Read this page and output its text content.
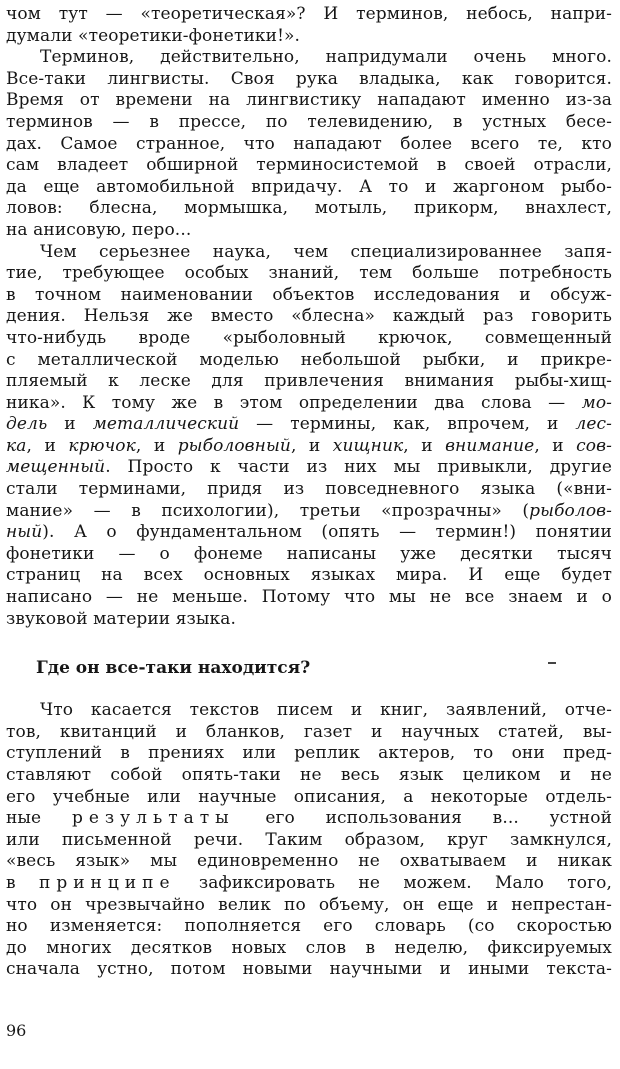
чом тут — «теоретическая»? И терминов, небось, напри-
думали «теоретики-фонетики!».
Терминов, действительно, напридумали очень много.
Все-таки лингвисты. Своя рука владыка, как говорится.
Время от времени на лингвистику нападают именно из-за
терминов — в прессе, по телевидению, в устных бесе-
дах. Самое странное, что нападают более всего те, кто
сам владеет обширной терминосистемой в своей отрасли,
да еще автомобильной впридачу. А то и жаргоном рыбо-
ловов: блесна, мормышка, мотыль, прикорм, внахлест,
на анисовую, перо...
Чем серьезнее наука, чем специализированнее запя-
тие, требующее особых знаний, тем больше потребность
в точном наименовании объектов исследования и обсуж-
дения. Нельзя же вместо «блесна» каждый раз говорить
что-нибудь вроде «рыболовный крючок, совмещенный
с металлической моделью небольшой рыбки, и прикре-
пляемый к леске для привлечения внимания рыбы-хищ-
ника». К тому же в этом определении два слова — мо-
дель и металлический — термины, как, впрочем, и лес-
ка, и крючок, и рыболовный, и хищник, и внимание, и сов-
мещенный. Просто к части из них мы привыкли, другие
стали терминами, придя из повседневного языка («вни-
мание» — в психологии), третьи «прозрачны» (рыболов-
ный). А о фундаментальном (опять — термин!) понятии
фонетики — о фонеме написаны уже десятки тысяч
страниц на всех основных языках мира. И еще будет
написано — не меньше. Потому что мы не все знаем и о
звуковой материи языка.
Где он все-таки находится?
Что касается текстов писем и книг, заявлений, отче-
тов, квитанций и бланков, газет и научных статей, вы-
ступлений в прениях или реплик актеров, то они пред-
ставляют собой опять-таки не весь язык целиком и не
его учебные или научные описания, а некоторые отдель-
ные результаты его использования в... устной
или письменной речи. Таким образом, круг замкнулся,
«весь язык» мы единовременно не охватываем и никак
в принципе зафиксировать не можем. Мало того,
что он чрезвычайно велик по объему, он еще и непрестан-
но изменяется: пополняется его словарь (со скоростью
до многих десятков новых слов в неделю, фиксируемых
сначала устно, потом новыми научными и иными текста-
96
